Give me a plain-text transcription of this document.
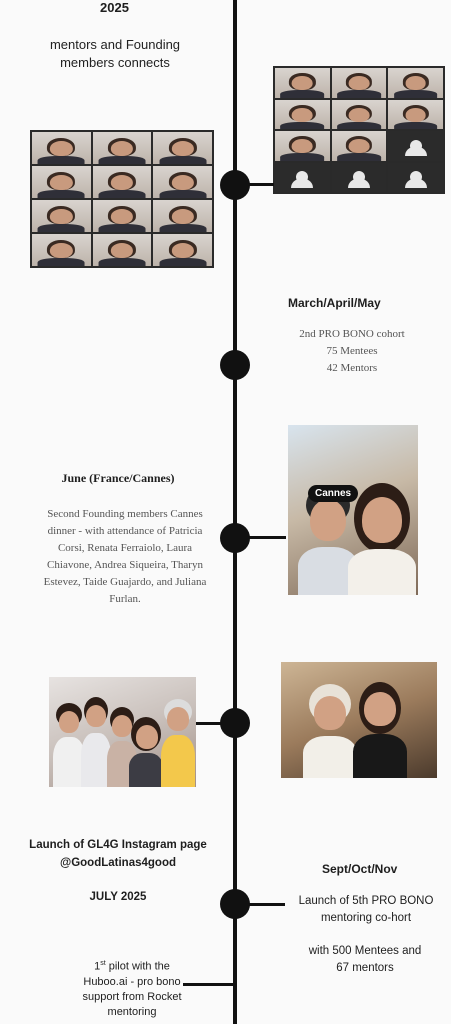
2025
mentors and Founding members connects
March/April/May
2nd PRO BONO cohort
75 Mentees
42 Mentors
Cannes
June (France/Cannes)
Second Founding members Cannes dinner - with attendance of Patricia Corsi, Renata Ferraiolo, Laura Chiavone, Andrea Siqueira, Tharyn Estevez, Taide Guajardo, and Juliana Furlan.
Launch of GL4G Instagram page
@GoodLatinas4good
JULY 2025
Sept/Oct/Nov
Launch of 5th PRO BONO mentoring co-hort
with 500 Mentees and 67 mentors
1st pilot with the Huboo.ai - pro bono support from Rocket mentoring
